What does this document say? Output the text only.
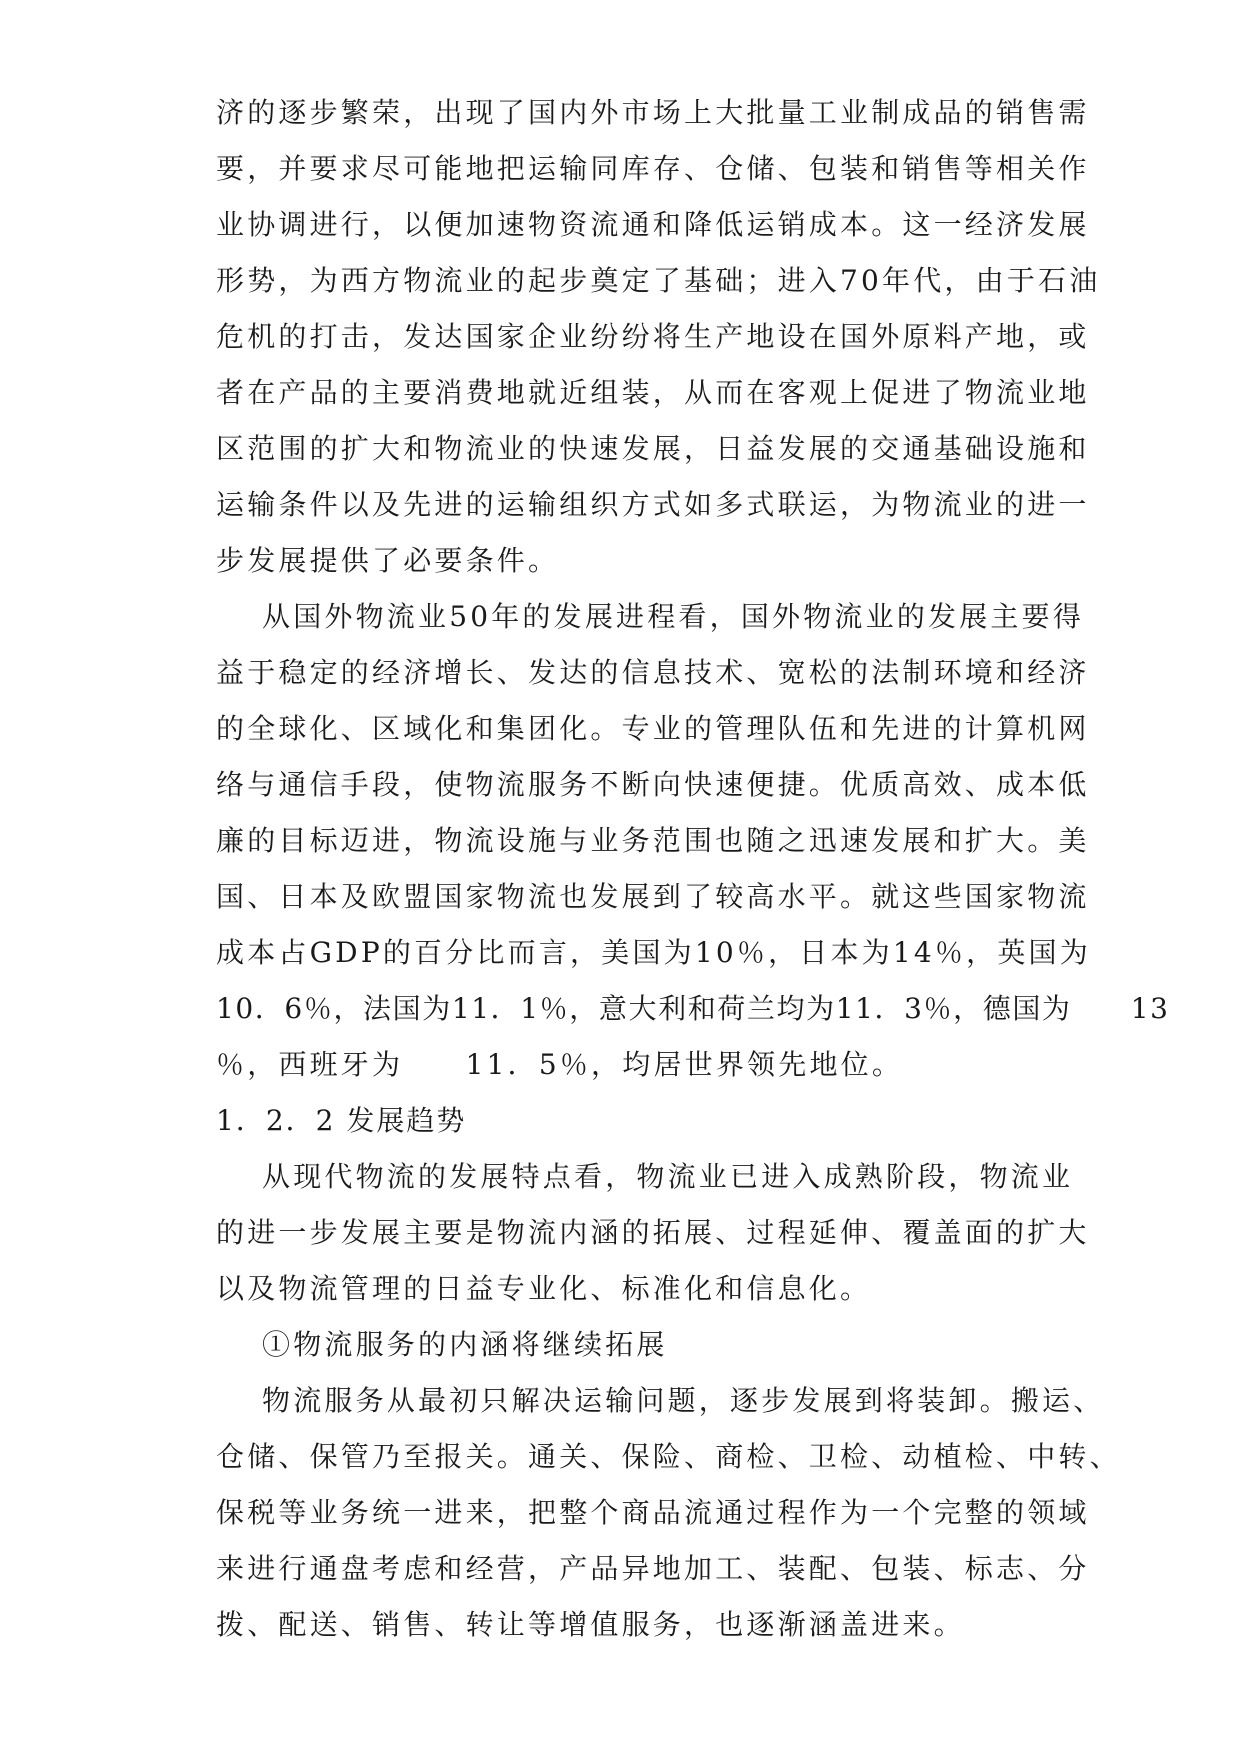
济的逐步繁荣，出现了国内外市场上大批量工业制成品的销售需
要，并要求尽可能地把运输同库存、仓储、包装和销售等相关作
业协调进行，以便加速物资流通和降低运销成本。这一经济发展
形势，为西方物流业的起步奠定了基础；进入70年代，由于石油
危机的打击，发达国家企业纷纷将生产地设在国外原料产地，或
者在产品的主要消费地就近组装，从而在客观上促进了物流业地
区范围的扩大和物流业的快速发展，日益发展的交通基础设施和
运输条件以及先进的运输组织方式如多式联运，为物流业的进一
步发展提供了必要条件。
从国外物流业50年的发展进程看，国外物流业的发展主要得
益于稳定的经济增长、发达的信息技术、宽松的法制环境和经济
的全球化、区域化和集团化。专业的管理队伍和先进的计算机网
络与通信手段，使物流服务不断向快速便捷。优质高效、成本低
廉的目标迈进，物流设施与业务范围也随之迅速发展和扩大。美
国、日本及欧盟国家物流也发展到了较高水平。就这些国家物流
成本占GDP的百分比而言，美国为10％，日本为14％，英国为
10．6％，法国为11．1％，意大利和荷兰均为11．3％，德国为　　13
％，西班牙为　　11．5％，均居世界领先地位。
1．2．2 发展趋势
从现代物流的发展特点看，物流业已进入成熟阶段，物流业
的进一步发展主要是物流内涵的拓展、过程延伸、覆盖面的扩大
以及物流管理的日益专业化、标准化和信息化。
①物流服务的内涵将继续拓展
物流服务从最初只解决运输问题，逐步发展到将装卸。搬运、
仓储、保管乃至报关。通关、保险、商检、卫检、动植检、中转、
保税等业务统一进来，把整个商品流通过程作为一个完整的领域
来进行通盘考虑和经营，产品异地加工、装配、包装、标志、分
拨、配送、销售、转让等增值服务，也逐渐涵盖进来。
